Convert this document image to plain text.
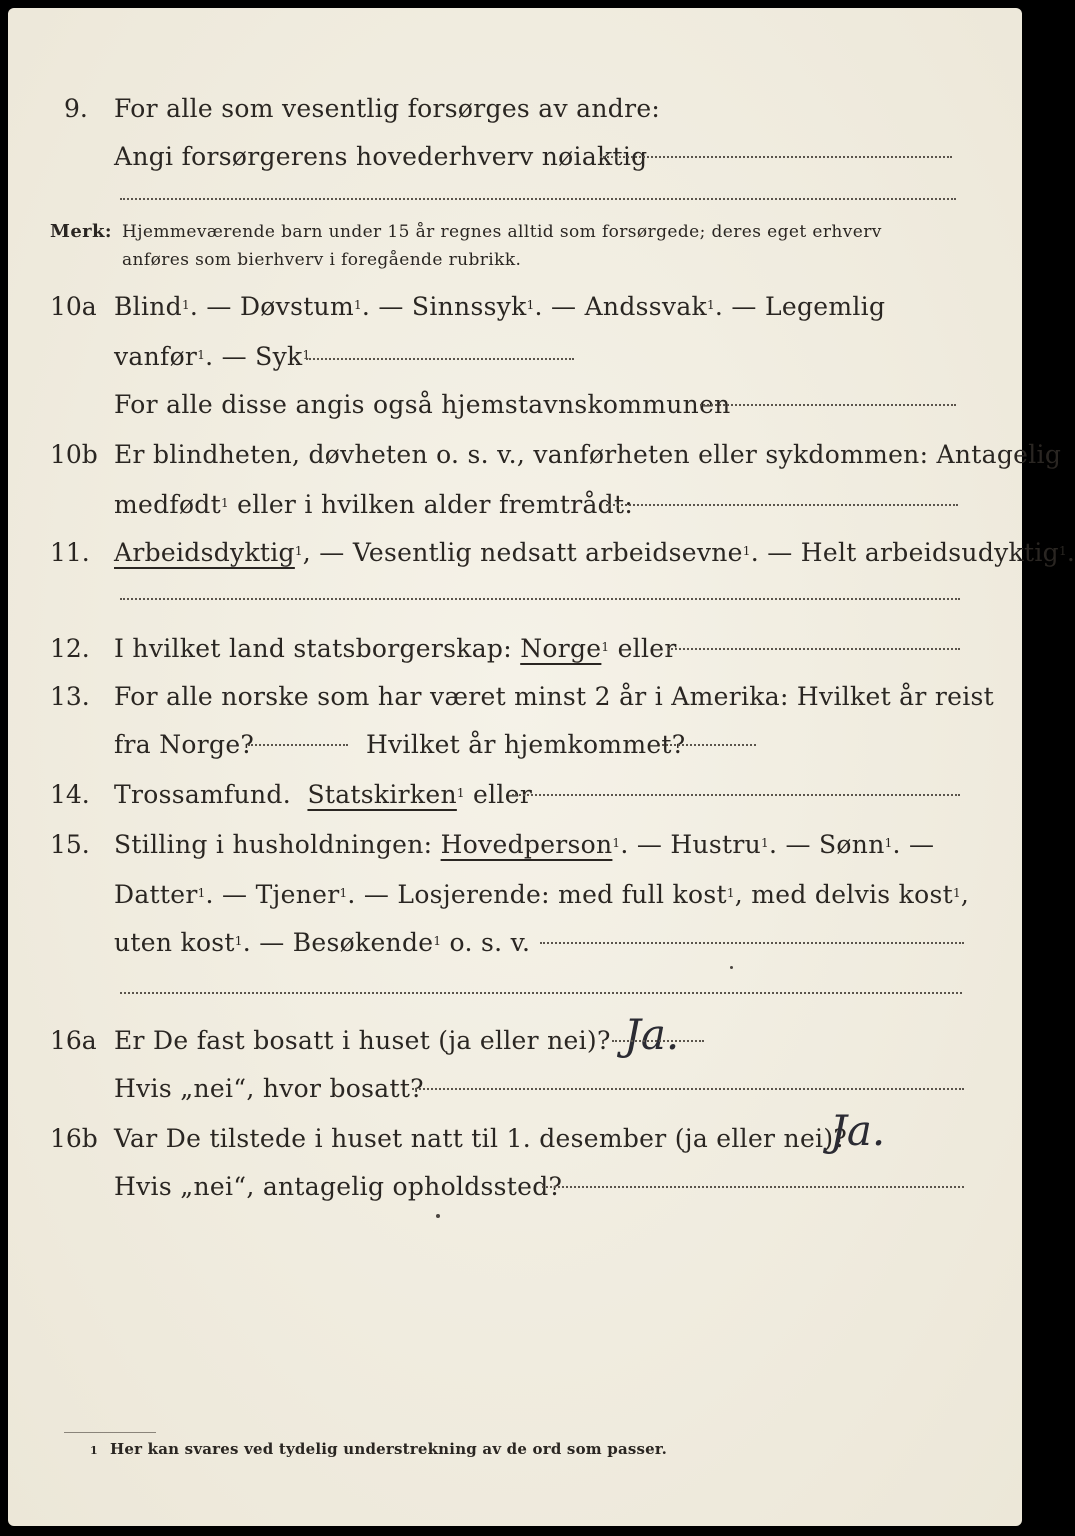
9. For alle som vesentlig forsørges av andre:
Angi forsørgerens hovederhverv nøiaktig
Merk: Hjemmeværende barn under 15 år regnes alltid som forsørgede; deres eget erhverv
anføres som bierhverv i foregående rubrikk.
10a Blind$^1$. — Døvstum$^1$. — Sinnssyk$^1$. — Andssvak$^1$. — Legemlig
vanfør$^1$. — Syk$^1$
For alle disse angis også hjemstavnskommunen
10b Er blindheten, døvheten o. s. v., vanførheten eller sykdommen: Antagelig
medfødt$^1$ eller i hvilken alder fremtrådt:
11. Arbeidsdyktig$^1$, — Vesentlig nedsatt arbeidsevne$^1$. — Helt arbeidsudyktig$^1$.
12. I hvilket land statsborgerskap: Norge$^1$ eller
13. For alle norske som har været minst 2 år i Amerika: Hvilket år reist
fra Norge?	Hvilket år hjemkommet?
14. Trossamfund. Statskirken$^1$ eller
15. Stilling i husholdningen: Hovedperson$^1$. — Hustru$^1$. — Sønn$^1$. —
Datter$^1$. — Tjener$^1$. — Losjerende: med full kost$^1$, med delvis kost$^1$,
uten kost$^1$. — Besøkende$^1$ o. s. v.
16a Er De fast bosatt i huset (ja eller nei)? Ja.
Hvis „nei“, hvor bosatt?
16b Var De tilstede i huset natt til 1. desember (ja eller nei)?
Ja.
Hvis „nei“, antagelig opholdssted?
1 Her kan svares ved tydelig understrekning av de ord som passer.
